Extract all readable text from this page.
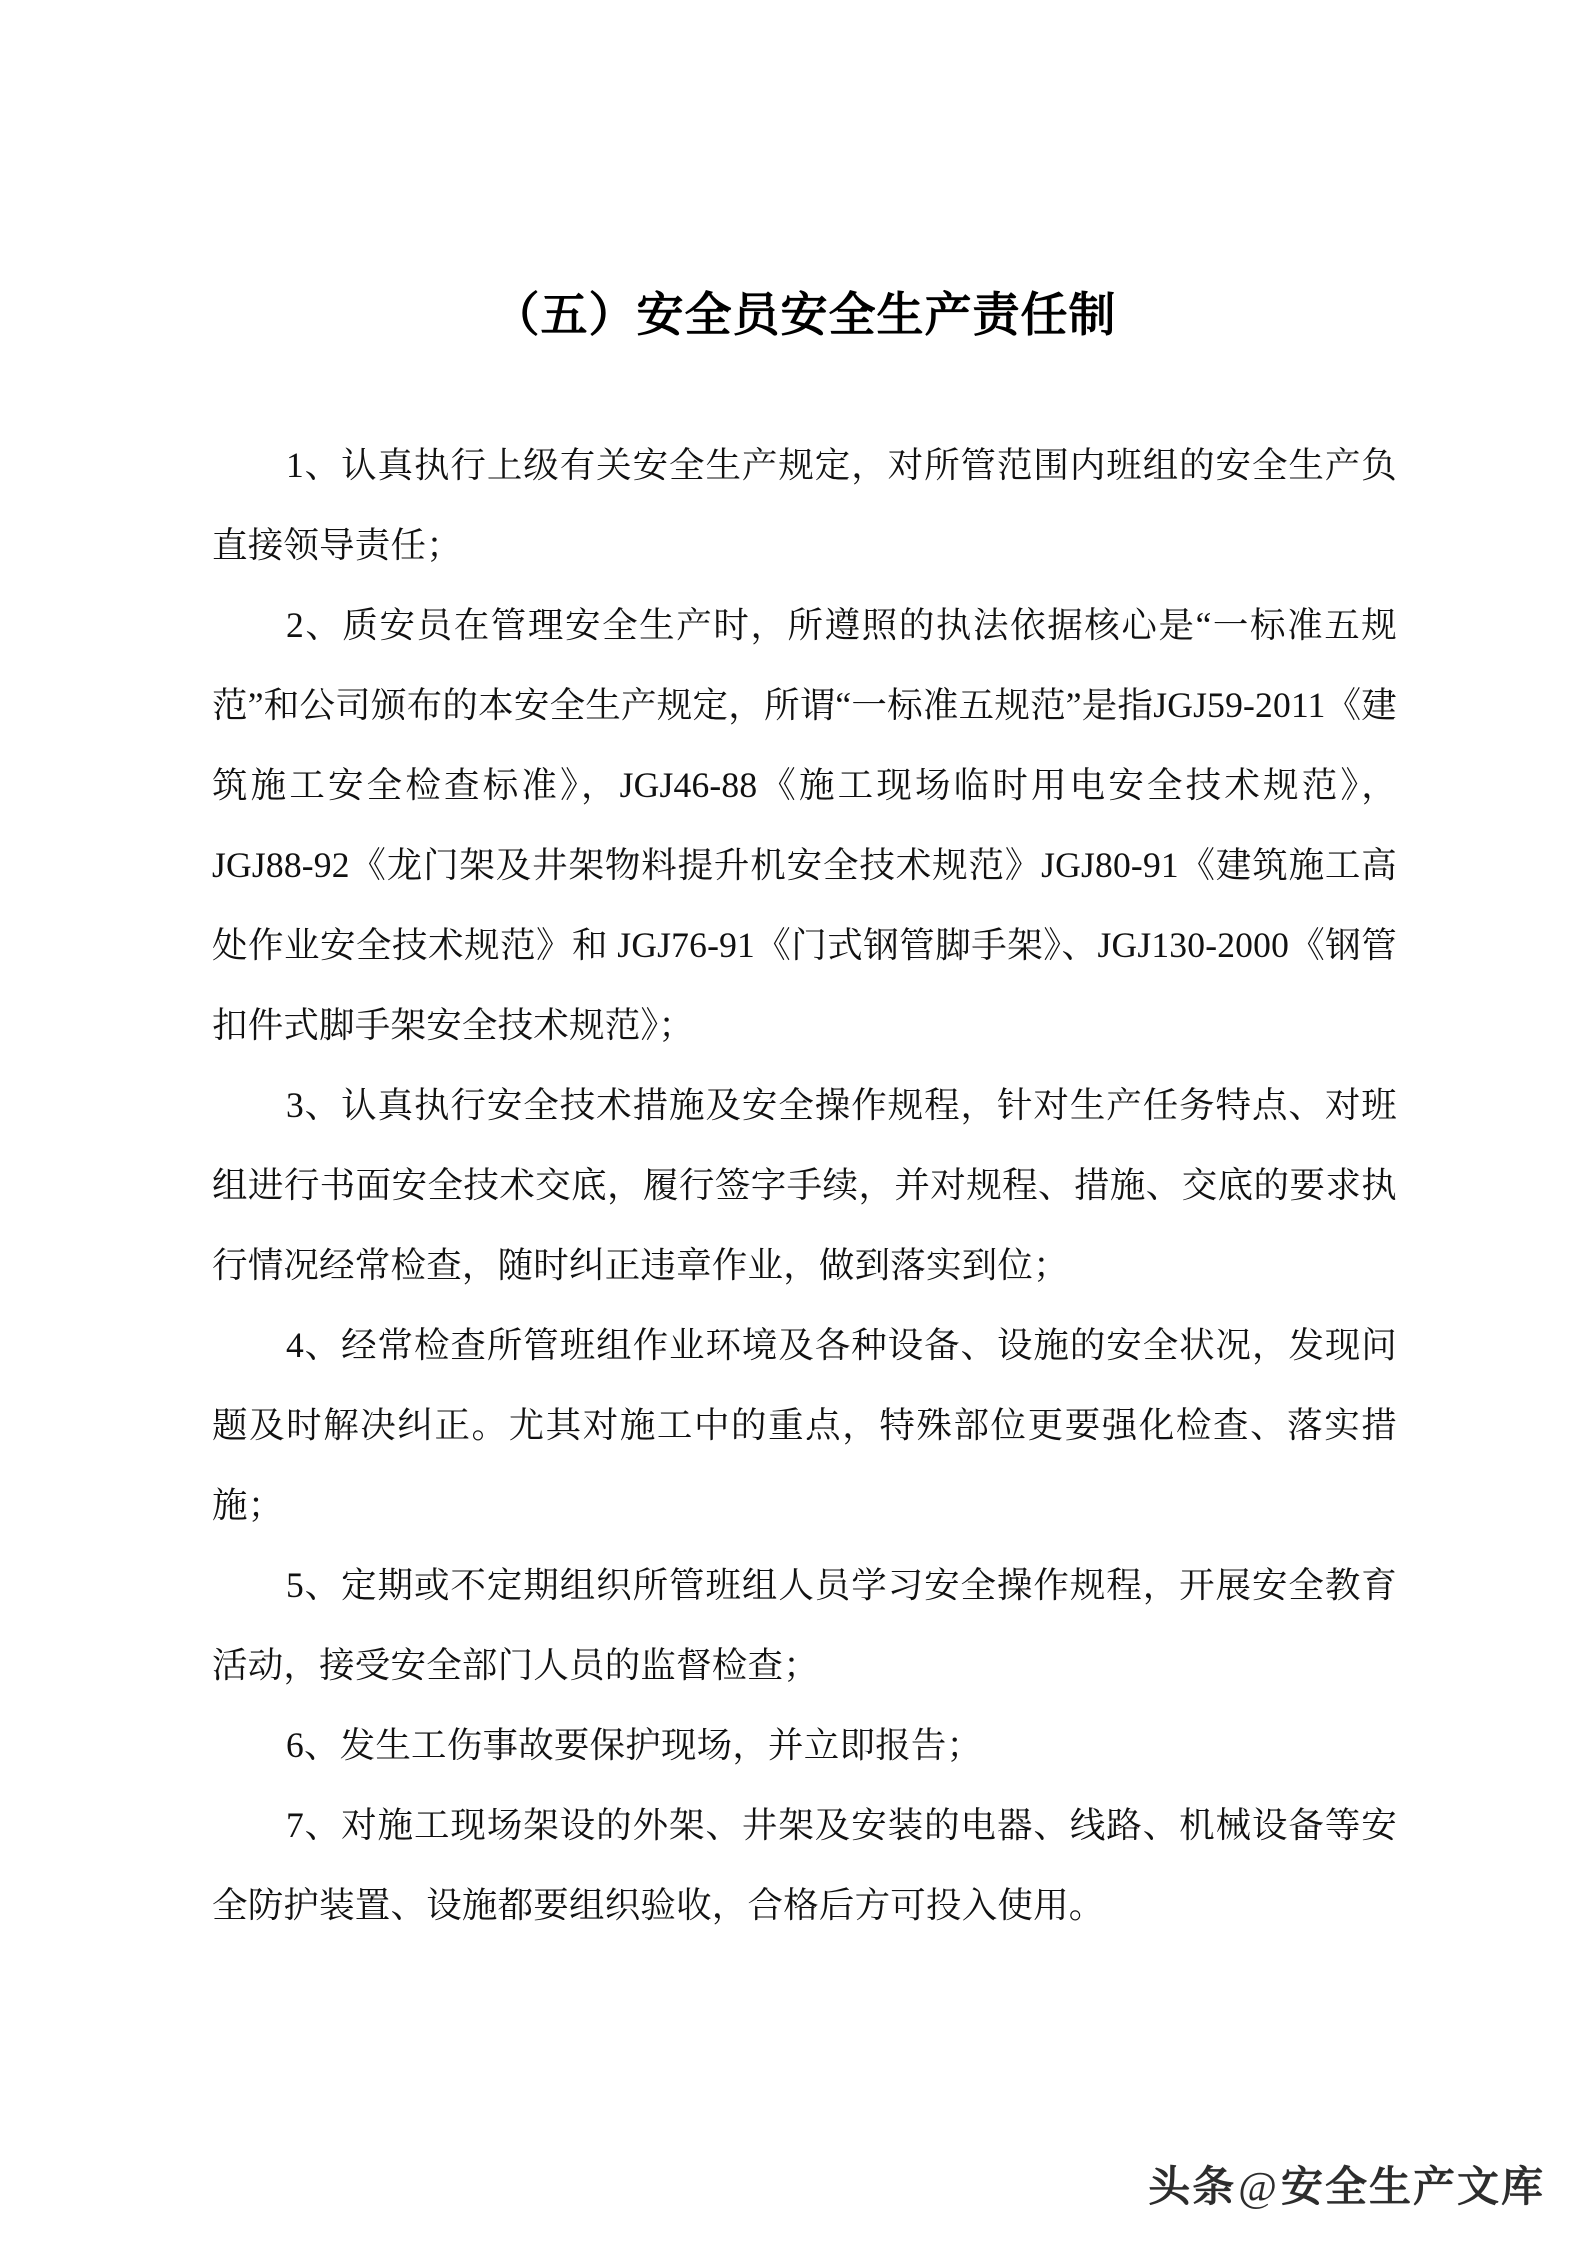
（五）安全员安全生产责任制

1、认真执行上级有关安全生产规定，对所管范围内班组的安全生产负直接领导责任；

2、质安员在管理安全生产时，所遵照的执法依据核心是“一标准五规范”和公司颁布的本安全生产规定，所谓“一标准五规范”是指JGJ59-2011《建筑施工安全检查标准》，JGJ46-88《施工现场临时用电安全技术规范》，JGJ88-92《龙门架及井架物料提升机安全技术规范》JGJ80-91《建筑施工高处作业安全技术规范》和 JGJ76-91《门式钢管脚手架》、JGJ130-2000《钢管扣件式脚手架安全技术规范》；

3、认真执行安全技术措施及安全操作规程，针对生产任务特点、对班组进行书面安全技术交底，履行签字手续，并对规程、措施、交底的要求执行情况经常检查，随时纠正违章作业，做到落实到位；

4、经常检查所管班组作业环境及各种设备、设施的安全状况，发现问题及时解决纠正。尤其对施工中的重点，特殊部位更要强化检查、落实措施；

5、定期或不定期组织所管班组人员学习安全操作规程，开展安全教育活动，接受安全部门人员的监督检查；

6、发生工伤事故要保护现场，并立即报告；

7、对施工现场架设的外架、井架及安装的电器、线路、机械设备等安全防护装置、设施都要组织验收，合格后方可投入使用。

头条@安全生产文库
